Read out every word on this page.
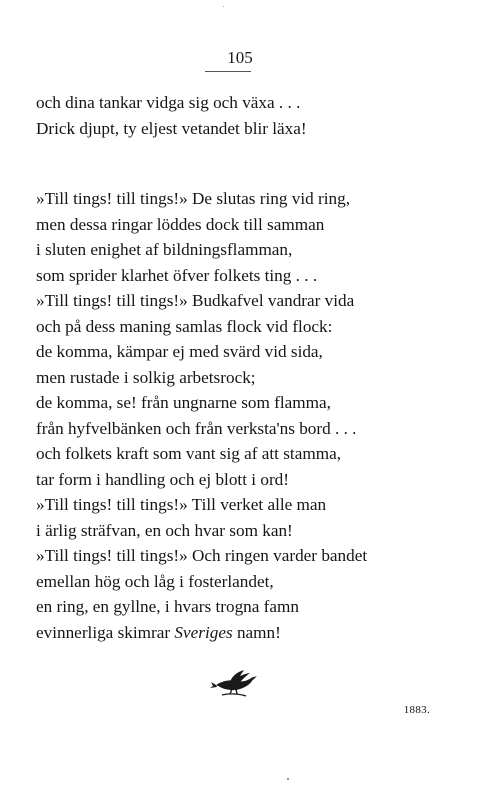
105
och dina tankar vidga sig och växa . . .
Drick djupt, ty eljest vetandet blir läxa!
»Till tings! till tings!» De slutas ring vid ring,
men dessa ringar löddes dock till samman
i sluten enighet af bildningsflamman,
som sprider klarhet öfver folkets ting . . .
»Till tings! till tings!» Budkafvel vandrar vida
och på dess maning samlas flock vid flock:
de komma, kämpar ej med svärd vid sida,
men rustade i solkig arbetsrock;
de komma, se! från ungnarne som flamma,
från hyfvelbänken och från verksta'ns bord . . .
och folkets kraft som vant sig af att stamma,
tar form i handling och ej blott i ord!
»Till tings! till tings!» Till verket alle man
i ärlig sträfvan, en och hvar som kan!
»Till tings! till tings!» Och ringen varder bandet
emellan hög och låg i fosterlandet,
en ring, en gyllne, i hvars trogna famn
evinnerliga skimrar Sveriges namn!
1883.
